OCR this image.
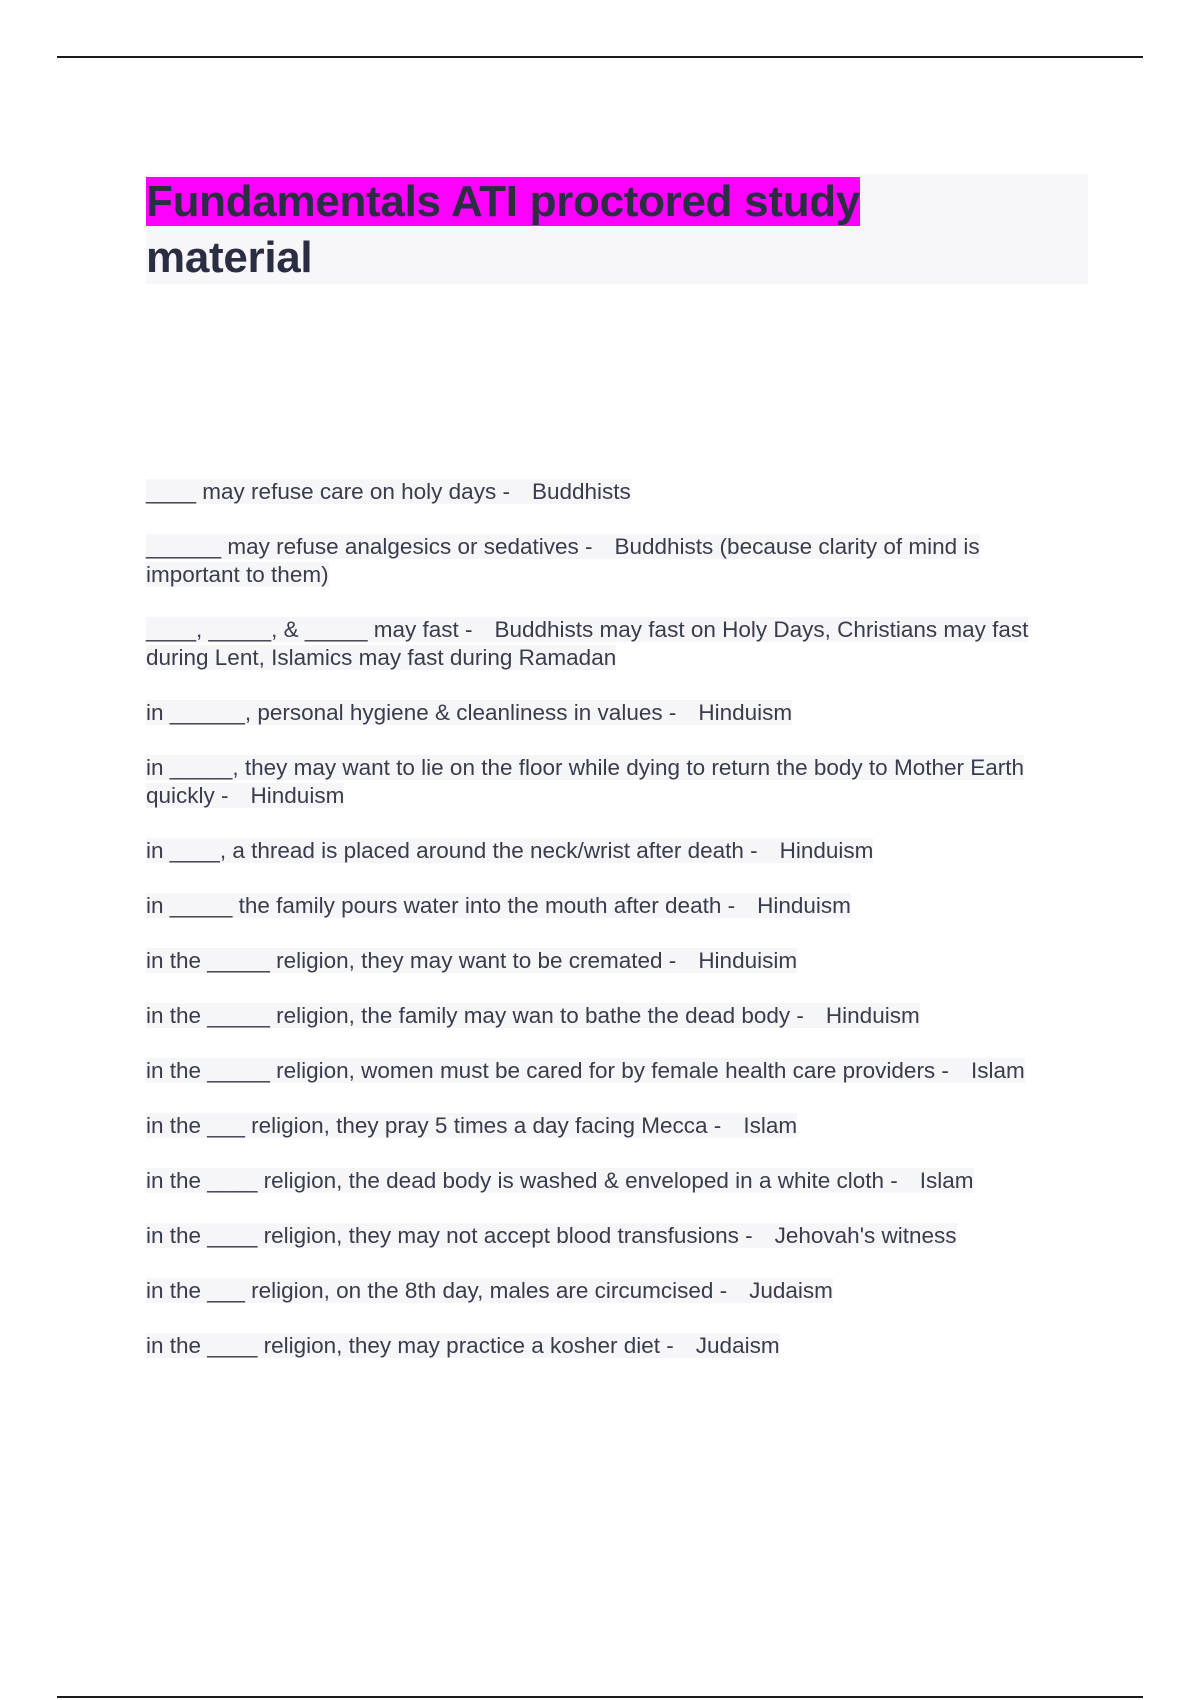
Fundamentals ATI proctored study
material
____ may refuse care on holy days - Buddhists
______ may refuse analgesics or sedatives - Buddhists (because clarity of mind is important to them)
____, _____, & _____ may fast - Buddhists may fast on Holy Days, Christians may fast during Lent, Islamics may fast during Ramadan
in ______, personal hygiene & cleanliness in values - Hinduism
in _____, they may want to lie on the floor while dying to return the body to Mother Earth quickly - Hinduism
in ____, a thread is placed around the neck/wrist after death - Hinduism
in _____ the family pours water into the mouth after death - Hinduism
in the _____ religion, they may want to be cremated - Hinduisim
in the _____ religion, the family may wan to bathe the dead body - Hinduism
in the _____ religion, women must be cared for by female health care providers - Islam
in the ___ religion, they pray 5 times a day facing Mecca - Islam
in the ____ religion, the dead body is washed & enveloped in a white cloth - Islam
in the ____ religion, they may not accept blood transfusions - Jehovah's witness
in the ___ religion, on the 8th day, males are circumcised - Judaism
in the ____ religion, they may practice a kosher diet - Judaism
